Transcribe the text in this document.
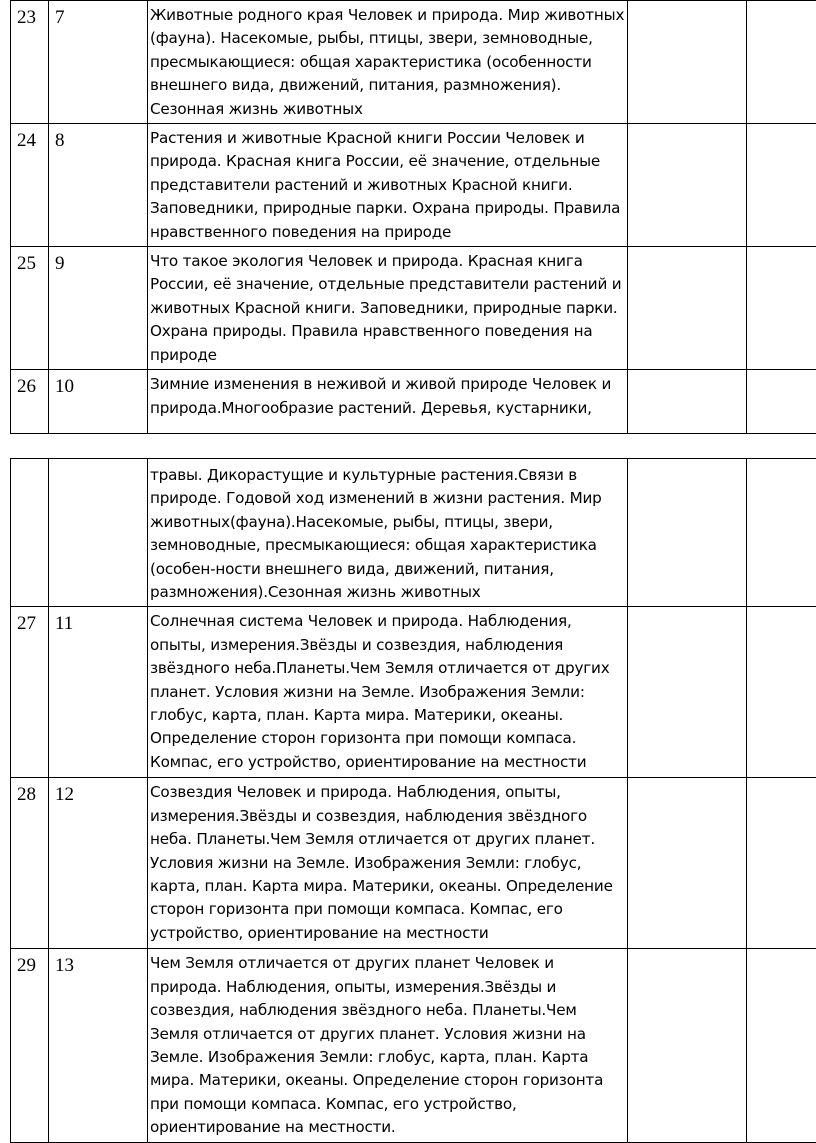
23	7	Животные родного края Человек и природа. Мир животных (фауна). Насекомые, рыбы, птицы, звери, земноводные, пресмыкающиеся: общая характеристика (особенности внешнего вида, движений, питания, размножения). Сезонная жизнь животных		
24	8	Растения и животные Красной книги России Человек и природа. Красная книга России, её значение, отдельные представители растений и животных Красной книги. Заповедники, природные парки. Охрана природы. Правила нравственного поведения на природе		
25	9	Что такое экология Человек и природа. Красная книга России, её значение, отдельные представители растений и животных Красной книги. Заповедники, природные парки. Охрана природы. Правила нравственного поведения на природе		
26	10	Зимние изменения в неживой и живой природе Человек и природа.Многообразие растений. Деревья, кустарники,		
		травы. Дикорастущие и культурные растения.Связи в природе. Годовой ход изменений в жизни растения. Мир животных(фауна).Насекомые, рыбы, птицы, звери, земноводные, пресмыкающиеся: общая характеристика (особен-ности внешнего вида, движений, питания, размножения).Сезонная жизнь животных		
27	11	Солнечная система Человек и природа. Наблюдения, опыты, измерения.Звёзды и созвездия, наблюдения звёздного неба.Планеты.Чем Земля отличается от других планет. Условия жизни на Земле. Изображения Земли: глобус, карта, план. Карта мира. Материки, океаны. Определение сторон горизонта при помощи компаса. Компас, его устройство, ориентирование на местности		
28	12	Созвездия Человек и природа. Наблюдения, опыты, измерения.Звёзды и созвездия, наблюдения звёздного неба. Планеты.Чем Земля отличается от других планет. Условия жизни на Земле. Изображения Земли: глобус, карта, план. Карта мира. Материки, океаны. Определение сторон горизонта при помощи компаса. Компас, его устройство, ориентирование на местности		
29	13	Чем Земля отличается от других планет Человек и природа. Наблюдения, опыты, измерения.Звёзды и созвездия, наблюдения звёздного неба. Планеты.Чем Земля отличается от других планет. Условия жизни на Земле. Изображения Земли: глобус, карта, план. Карта мира. Материки, океаны. Определение сторон горизонта при помощи компаса. Компас, его устройство, ориентирование на местности.		
